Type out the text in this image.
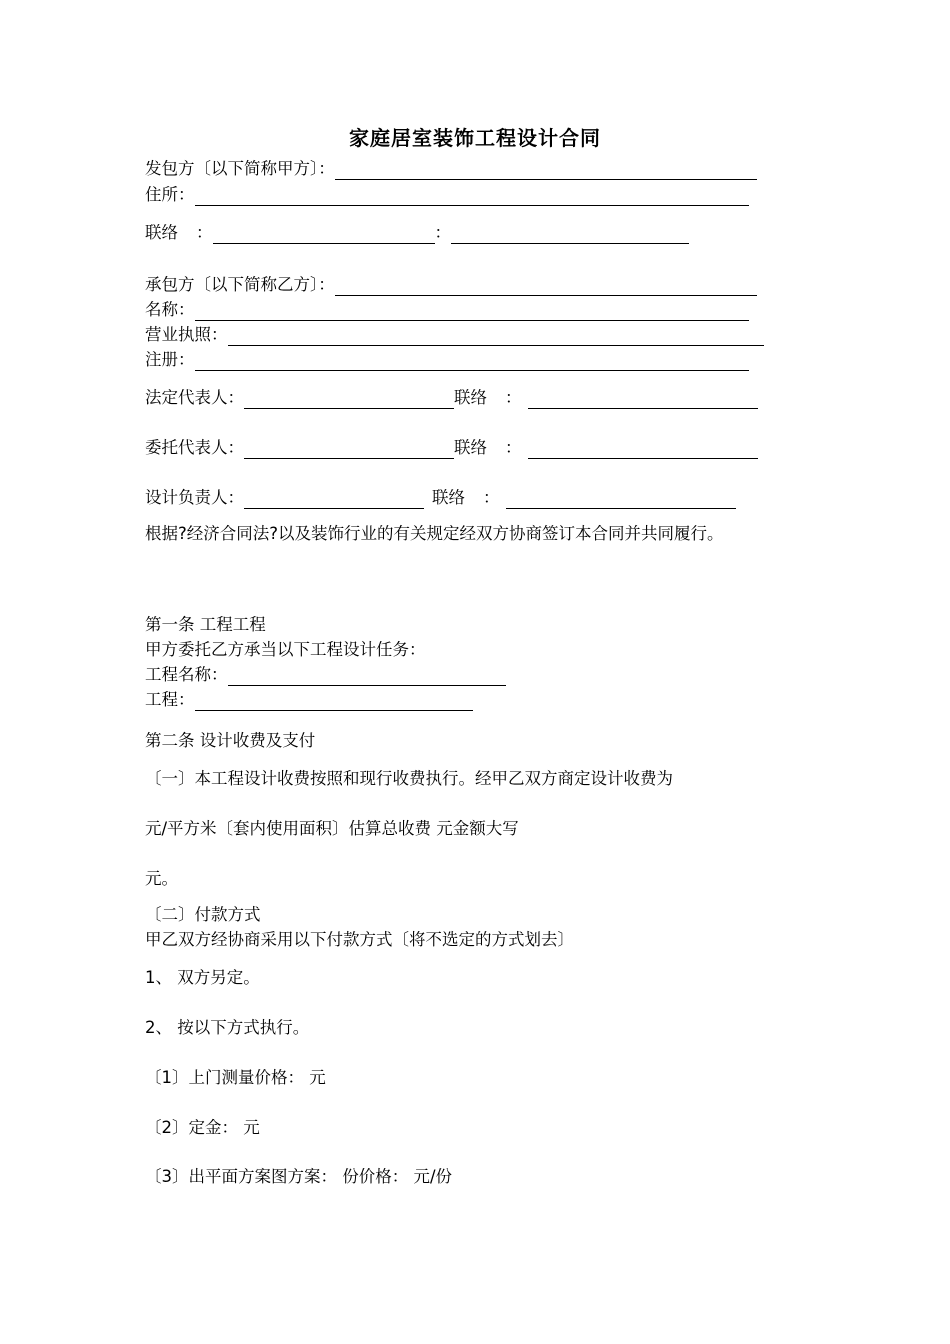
家庭居室装饰工程设计合同
发包方〔以下简称甲方〕：
住所：
联络 ：	：
承包方〔以下简称乙方〕：
名称：
营业执照：
注册：
法定代表人：	联络 ：
委托代表人：	联络 ：
设计负责人：	联络 ：
根据?经济合同法?以及装饰行业的有关规定经双方协商签订本合同并共同履行。
第一条 工程工程
甲方委托乙方承当以下工程设计任务：
工程名称：
工程：
第二条 设计收费及支付
〔一〕本工程设计收费按照和现行收费执行。经甲乙双方商定设计收费为
元/平方米〔套内使用面积〕估算总收费 元金额大写
元。
〔二〕付款方式
甲乙双方经协商采用以下付款方式〔将不选定的方式划去〕
1、 双方另定。
2、 按以下方式执行。
〔1〕上门测量价格： 元
〔2〕定金： 元
〔3〕出平面方案图方案： 份价格： 元/份
